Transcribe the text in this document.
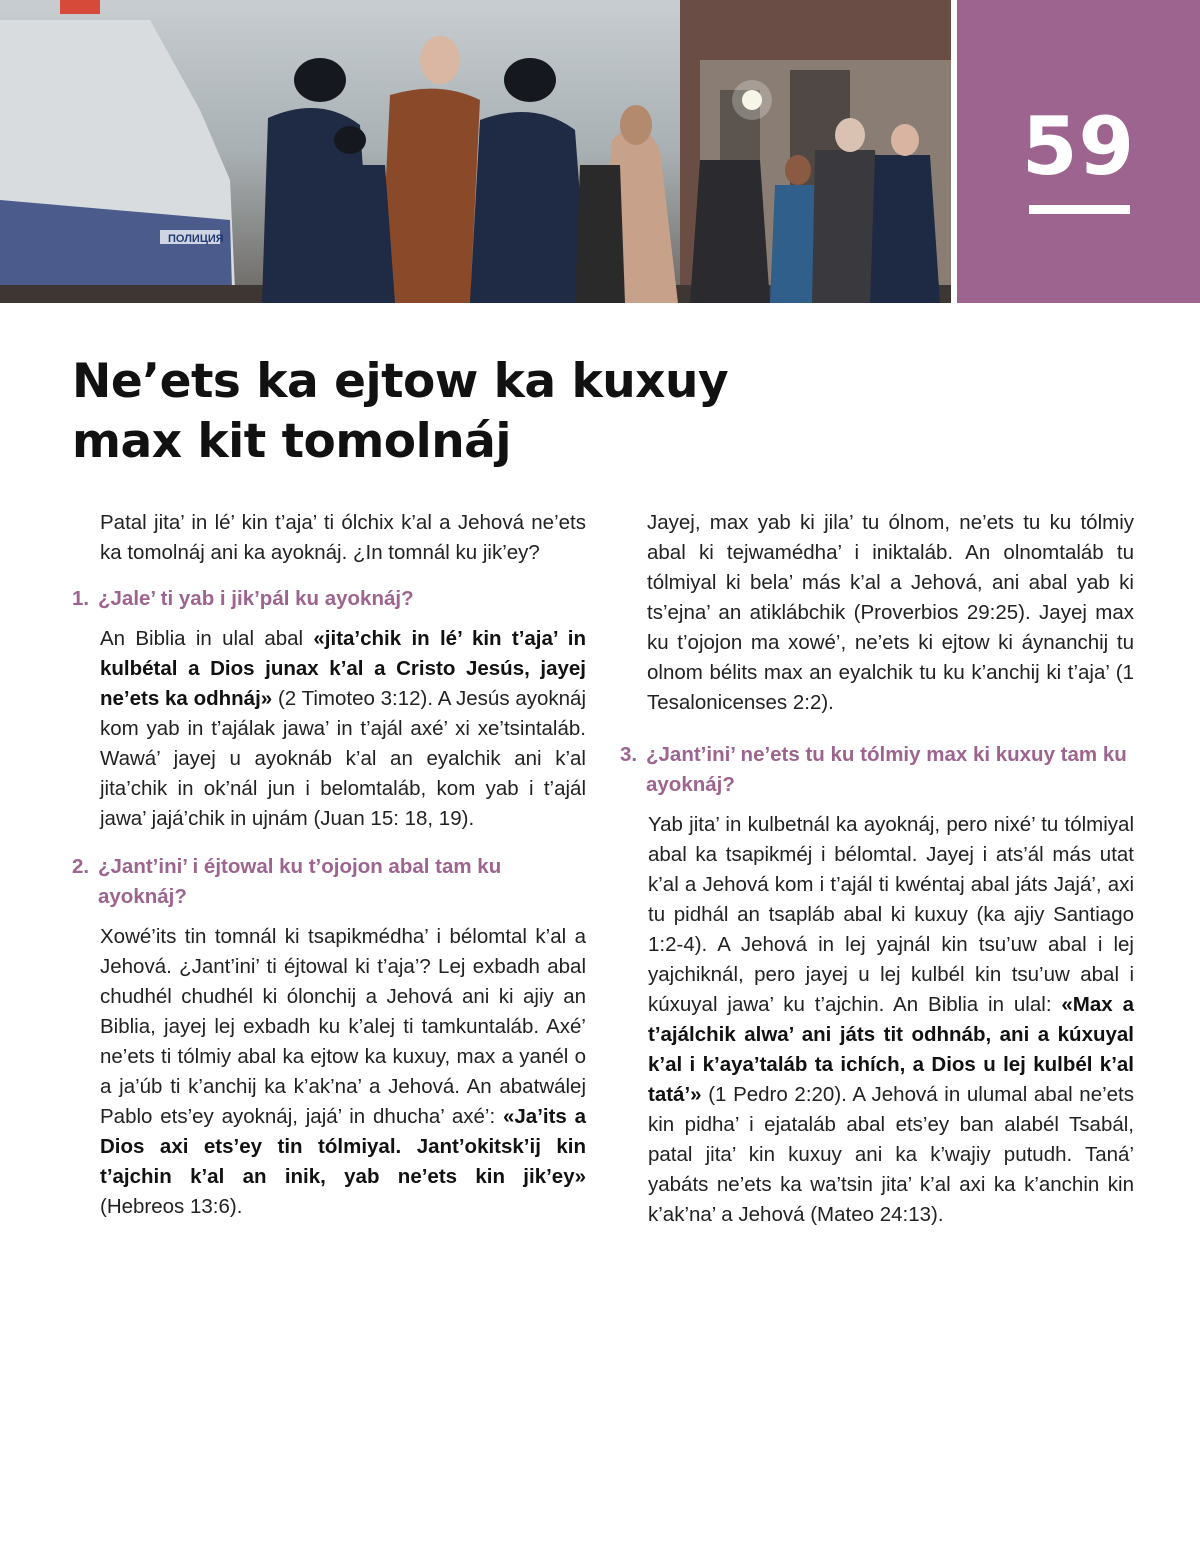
ПОЛИЦИЯ
59
Ne’ets ka ejtow ka kuxuy
max kit tomolnáj

Patal jita’ in lé’ kin t’aja’ ti ólchix k’al a Jehová ne’ets ka tomolnáj ani ka ayoknáj. ¿In tomnál ku jik’ey?

1. ¿Jale’ ti yab i jik’pál ku ayoknáj?

An Biblia in ulal abal «jita’chik in lé’ kin t’aja’ in kulbétal a Dios junax k’al a Cristo Jesús, jayej ne’ets ka odhnáj» (2 Timoteo 3:12). A Jesús ayoknáj kom yab in t’ajálak jawa’ in t’ajál axé’ xi xe’tsintaláb. Wawá’ jayej u ayoknáb k’al an eyalchik ani k’al jita’chik in ok’nál jun i belomtaláb, kom yab i t’ajál jawa’ jajá’chik in ujnám (Juan 15: 18, 19).

2. ¿Jant’ini’ i éjtowal ku t’ojojon abal tam ku ayoknáj?

Xowé’its tin tomnál ki tsapikmédha’ i bélomtal k’al a Jehová. ¿Jant’ini’ ti éjtowal ki t’aja’? Lej exbadh abal chudhél chudhél ki ólonchij a Jehová ani ki ajiy an Biblia, jayej lej exbadh ku k’alej ti tamkuntaláb. Axé’ ne’ets ti tólmiy abal ka ejtow ka kuxuy, max a yanél o a ja’úb ti k’anchij ka k’ak’na’ a Jehová. An abatwálej Pablo ets’ey ayoknáj, jajá’ in dhucha’ axé’: «Ja’its a Dios axi ets’ey tin tólmiyal. Jant’okitsk’ij kin t’ajchin k’al an inik, yab ne’ets kin jik’ey» (Hebreos 13:6).

Jayej, max yab ki jila’ tu ólnom, ne’ets tu ku tólmiy abal ki tejwamédha’ i iniktaláb. An olnomtaláb tu tólmiyal ki bela’ más k’al a Jehová, ani abal yab ki ts’ejna’ an atiklábchik (Proverbios 29:25). Jayej max ku t’ojojon ma xowé’, ne’ets ki ejtow ki áynanchij tu olnom bélits max an eyalchik tu ku k’anchij ki t’aja’ (1 Tesalonicenses 2:2).

3. ¿Jant’ini’ ne’ets tu ku tólmiy max ki kuxuy tam ku ayoknáj?

Yab jita’ in kulbetnál ka ayoknáj, pero nixé’ tu tólmiyal abal ka tsapikméj i bélomtal. Jayej i ats’ál más utat k’al a Jehová kom i t’ajál ti kwéntaj abal játs Jajá’, axi tu pidhál an tsapláb abal ki kuxuy (ka ajiy Santiago 1:2-4). A Jehová in lej yajnál kin tsu’uw abal i lej yajchiknál, pero jayej u lej kulbél kin tsu’uw abal i kúxuyal jawa’ ku t’ajchin. An Biblia in ulal: «Max a t’ajálchik alwa’ ani játs tit odhnáb, ani a kúxuyal k’al i k’aya’taláb ta ichích, a Dios u lej kulbél k’al tatá’» (1 Pedro 2:20). A Jehová in ulumal abal ne’ets kin pidha’ i ejataláb abal ets’ey ban alabél Tsabál, patal jita’ kin kuxuy ani ka k’wajiy putudh. Taná’ yabáts ne’ets ka wa’tsin jita’ k’al axi ka k’anchin kin k’ak’na’ a Jehová (Mateo 24:13).
